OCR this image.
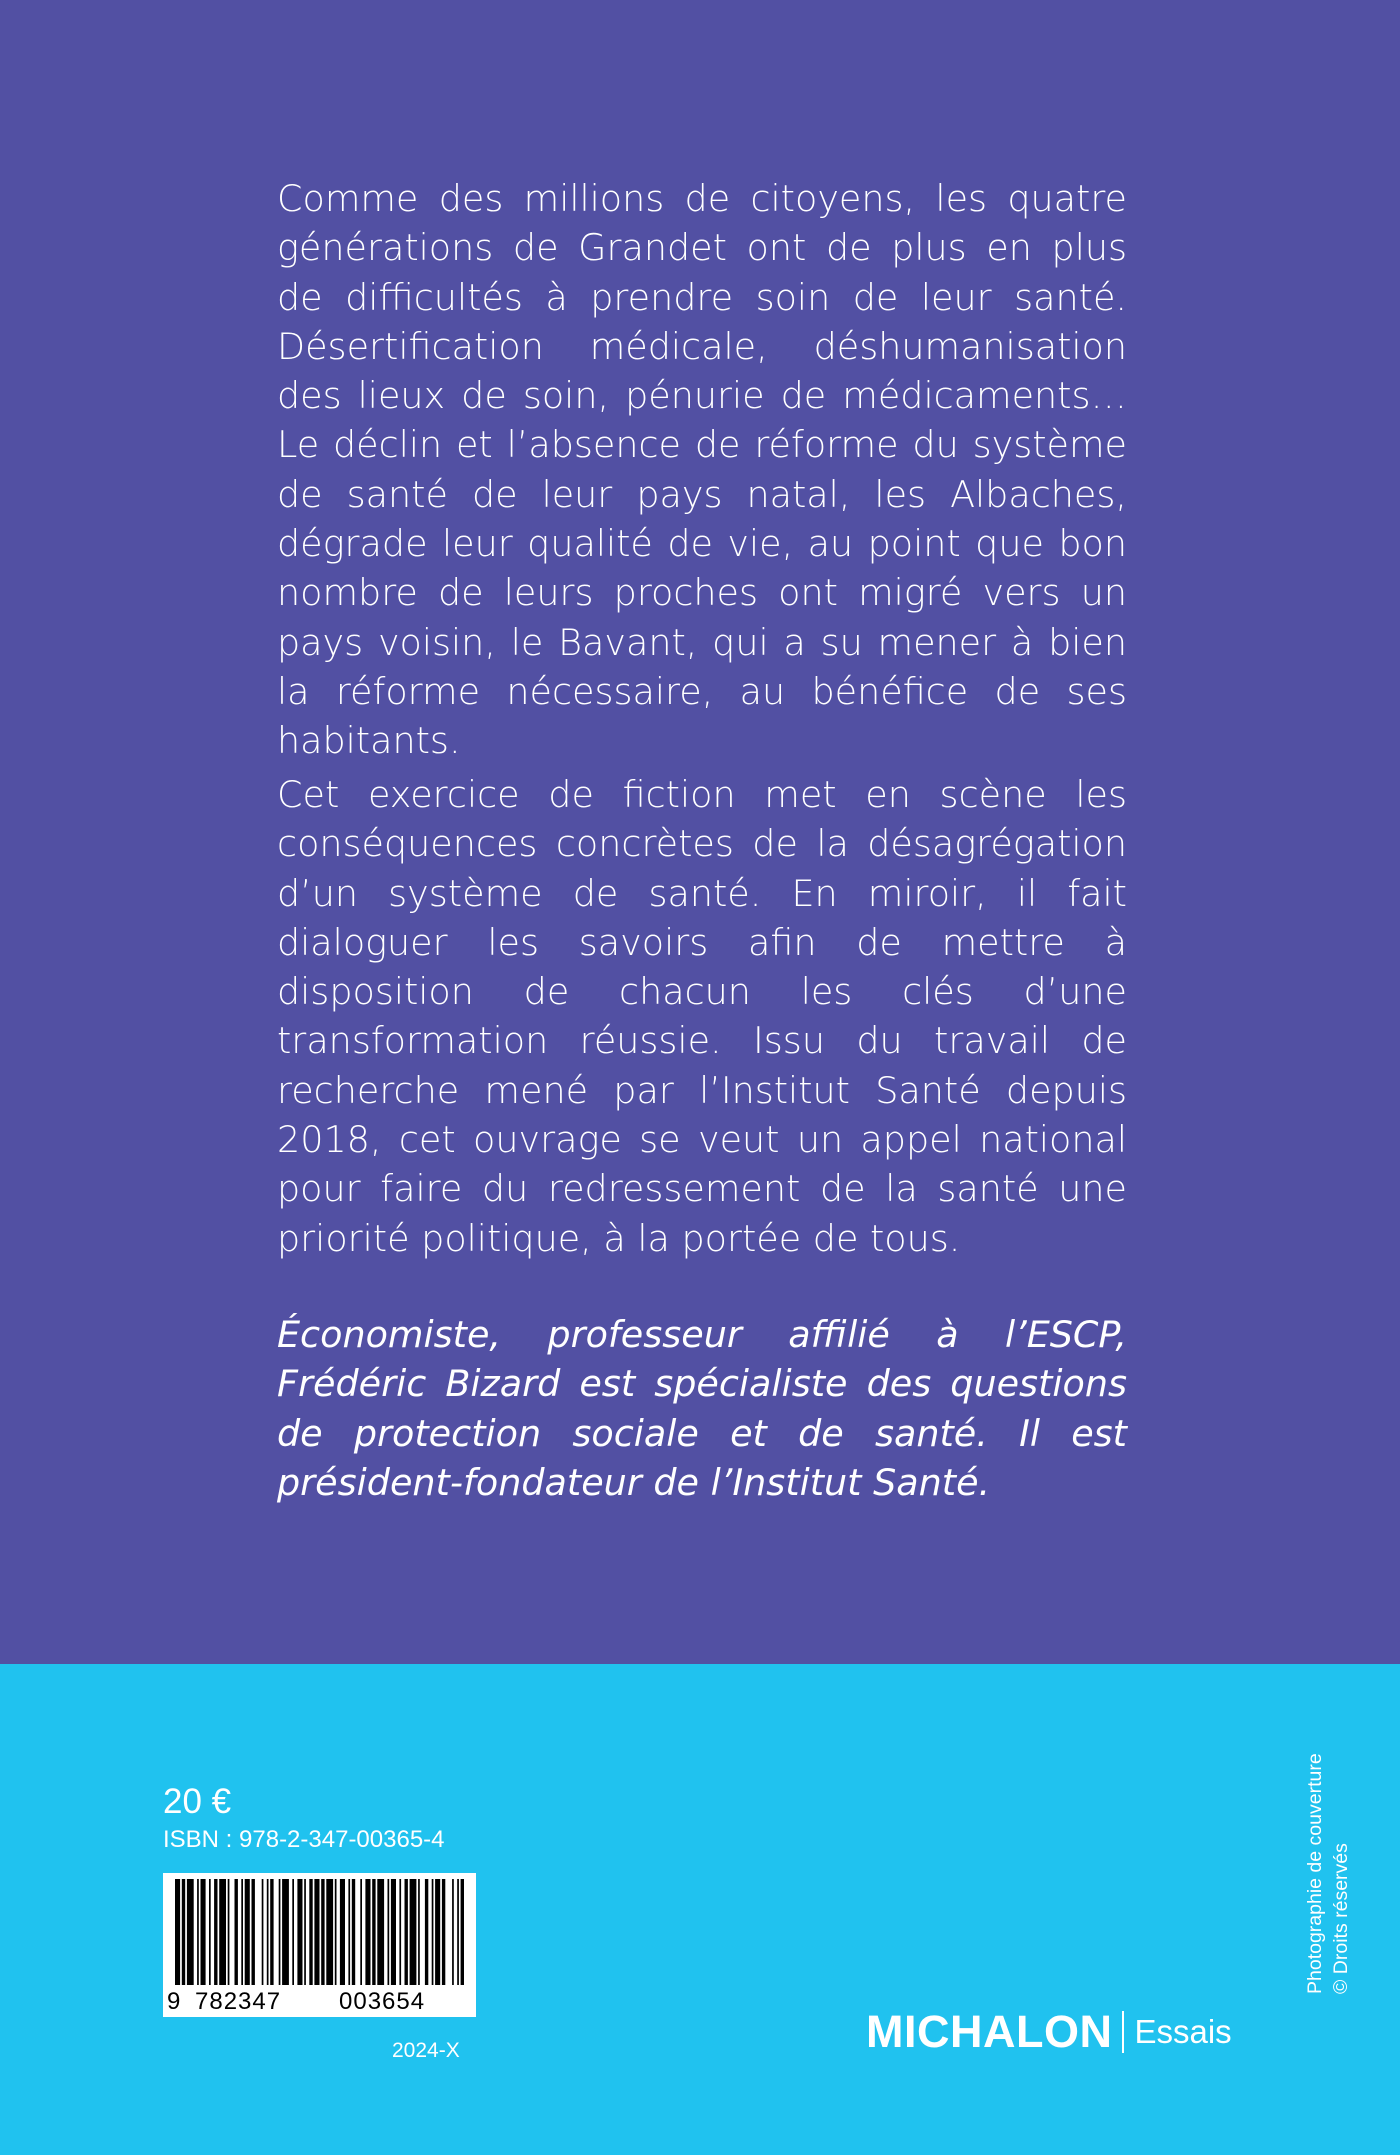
Comme des millions de citoyens, les quatre générations de Grandet ont de plus en plus de difficultés à prendre soin de leur santé. Désertification médicale, déshumanisation des lieux de soin, pénurie de médicaments… Le déclin et l’absence de réforme du système de santé de leur pays natal, les Albaches, dégrade leur qualité de vie, au point que bon nombre de leurs proches ont migré vers un pays voisin, le Bavant, qui a su mener à bien la réforme nécessaire, au bénéfice de ses habitants.

Cet exercice de fiction met en scène les conséquences concrètes de la désagrégation d’un système de santé. En miroir, il fait dialoguer les savoirs afin de mettre à disposition de chacun les clés d’une transformation réussie. Issu du travail de recherche mené par l’Institut Santé depuis 2018, cet ouvrage se veut un appel national pour faire du redressement de la santé une priorité politique, à la portée de tous.

Économiste, professeur affilié à l’ESCP, Frédéric Bizard est spécialiste des questions de protection sociale et de santé. Il est président-fondateur de l’Institut Santé.

20 €
ISBN : 978-2-347-00365-4
9 782347 003654
2024-X	MICHALON Essais
Photographie de couverture © Droits réservés
